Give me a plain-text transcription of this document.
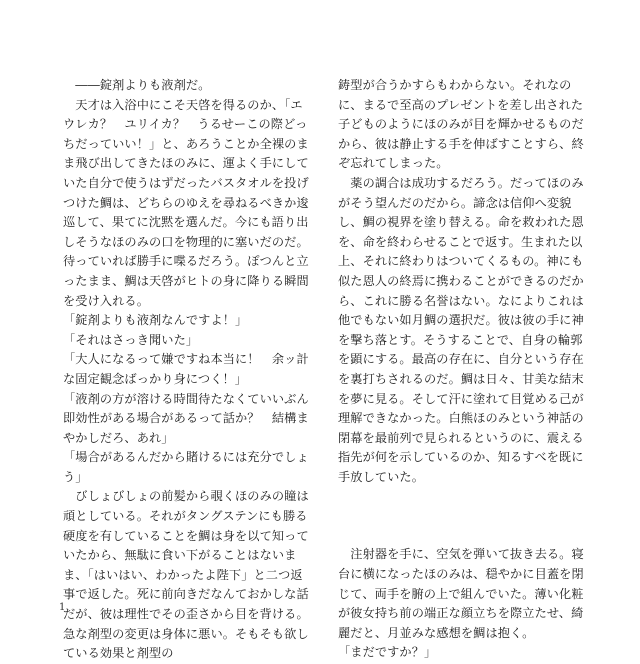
　――錠剤よりも液剤だ。

　天才は入浴中にこそ天啓を得るのか、「エウレカ？　ユリイカ？　うるせーこの際どっちだっていい！」と、あろうことか全裸のまま飛び出してきたほのみに、運よく手にしていた自分で使うはずだったバスタオルを投げつけた鯛は、どちらのゆえを尋ねるべきか逡巡して、果てに沈黙を選んだ。今にも語り出しそうなほのみの口を物理的に塞いだのだ。待っていれば勝手に喋るだろう。ぽつんと立ったまま、鯛は天啓がヒトの身に降りる瞬間を受け入れる。

「錠剤よりも液剤なんですよ！」

「それはさっき聞いた」

「大人になるって嫌ですね本当に！　余ッ計な固定観念ばっかり身につく！」

「液剤の方が溶ける時間待たなくていいぶん即効性がある場合があるって話か？　結構まやかしだろ、あれ」

「場合があるんだから賭けるには充分でしょう」

　びしょびしょの前髪から覗くほのみの瞳は頑としている。それがタングステンにも勝る硬度を有していることを鯛は身を以て知っていたから、無駄に食い下がることはないまま、「はいはい、わかったよ陛下」と二つ返事で返した。死に前向きだなんておかしな話だが、彼は理性でその歪さから目を背ける。急な剤型の変更は身体に悪い。そもそも欲している効果と剤型の

鋳型が合うかすらもわからない。それなのに、まるで至高のプレゼントを差し出された子どものようにほのみが目を輝かせるものだから、彼は静止する手を伸ばすことすら、終ぞ忘れてしまった。

　薬の調合は成功するだろう。だってほのみがそう望んだのだから。諦念は信仰へ変貌し、鯛の視界を塗り替える。命を救われた恩を、命を終わらせることで返す。生まれた以上、それに終わりはついてくるもの。神にも似た恩人の終焉に携わることができるのだから、これに勝る名誉はない。なによりこれは他でもない如月鯛の選択だ。彼は彼の手に神を撃ち落とす。そうすることで、自身の輪郭を顕にする。最高の存在に、自分という存在を裏打ちされるのだ。鯛は日々、甘美な結末を夢に見る。そして汗に塗れて目覚める己が理解できなかった。白熊ほのみという神話の閉幕を最前列で見られるというのに、震える指先が何を示しているのか、知るすべを既に手放していた。

　注射器を手に、空気を弾いて抜き去る。寝台に横になったほのみは、穏やかに目蓋を閉じて、両手を腑の上で組んでいた。薄い化粧が彼女持ち前の端正な顔立ちを際立たせ、綺麗だと、月並みな感想を鯛は抱く。

「まだですか？」

1
